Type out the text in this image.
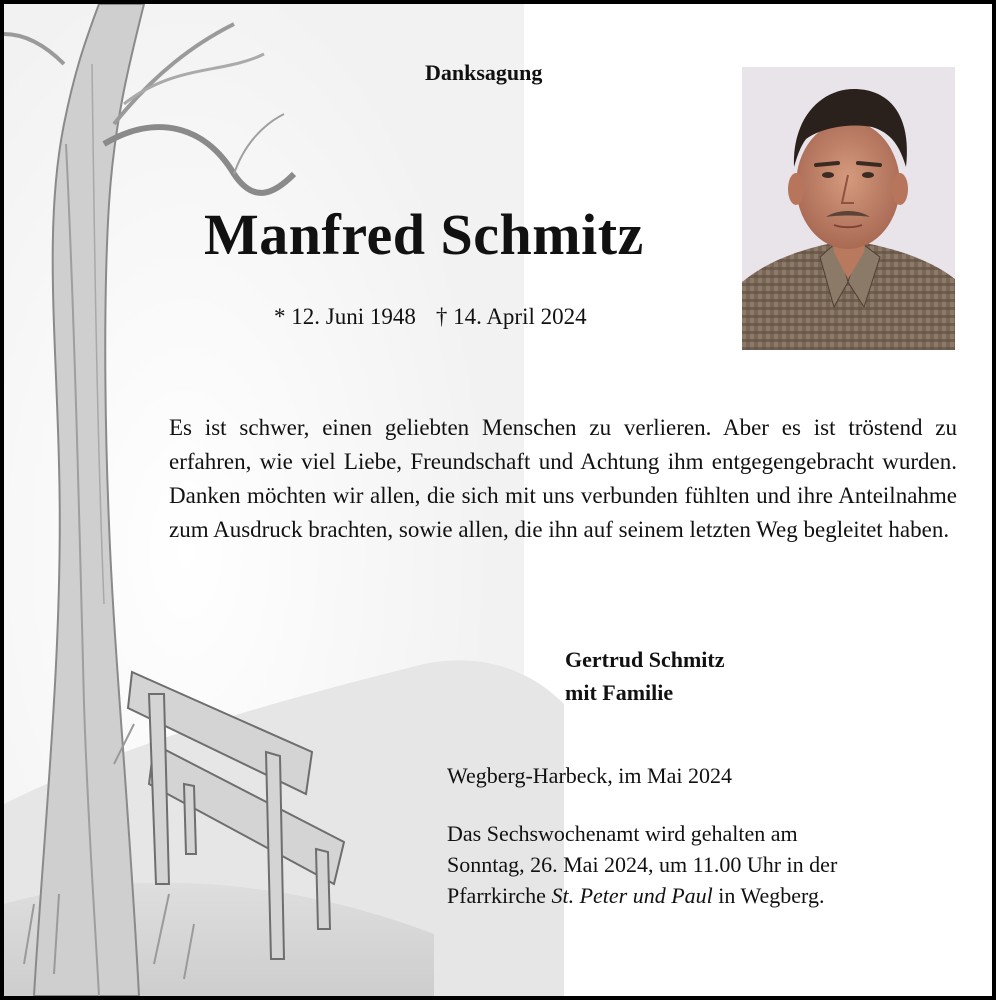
Danksagung
Manfred Schmitz
* 12. Juni 1948 † 14. April 2024
Es ist schwer, einen geliebten Menschen zu verlieren. Aber es ist tröstend zu erfahren, wie viel Liebe, Freundschaft und Achtung ihm entgegengebracht wurden. Danken möchten wir allen, die sich mit uns verbunden fühlten und ihre Anteilnahme zum Ausdruck brachten, sowie allen, die ihn auf seinem letzten Weg begleitet haben.
Gertrud Schmitz
mit Familie
Wegberg-Harbeck, im Mai 2024
Das Sechswochenamt wird gehalten am
Sonntag, 26. Mai 2024, um 11.00 Uhr in der
Pfarrkirche St. Peter und Paul in Wegberg.
